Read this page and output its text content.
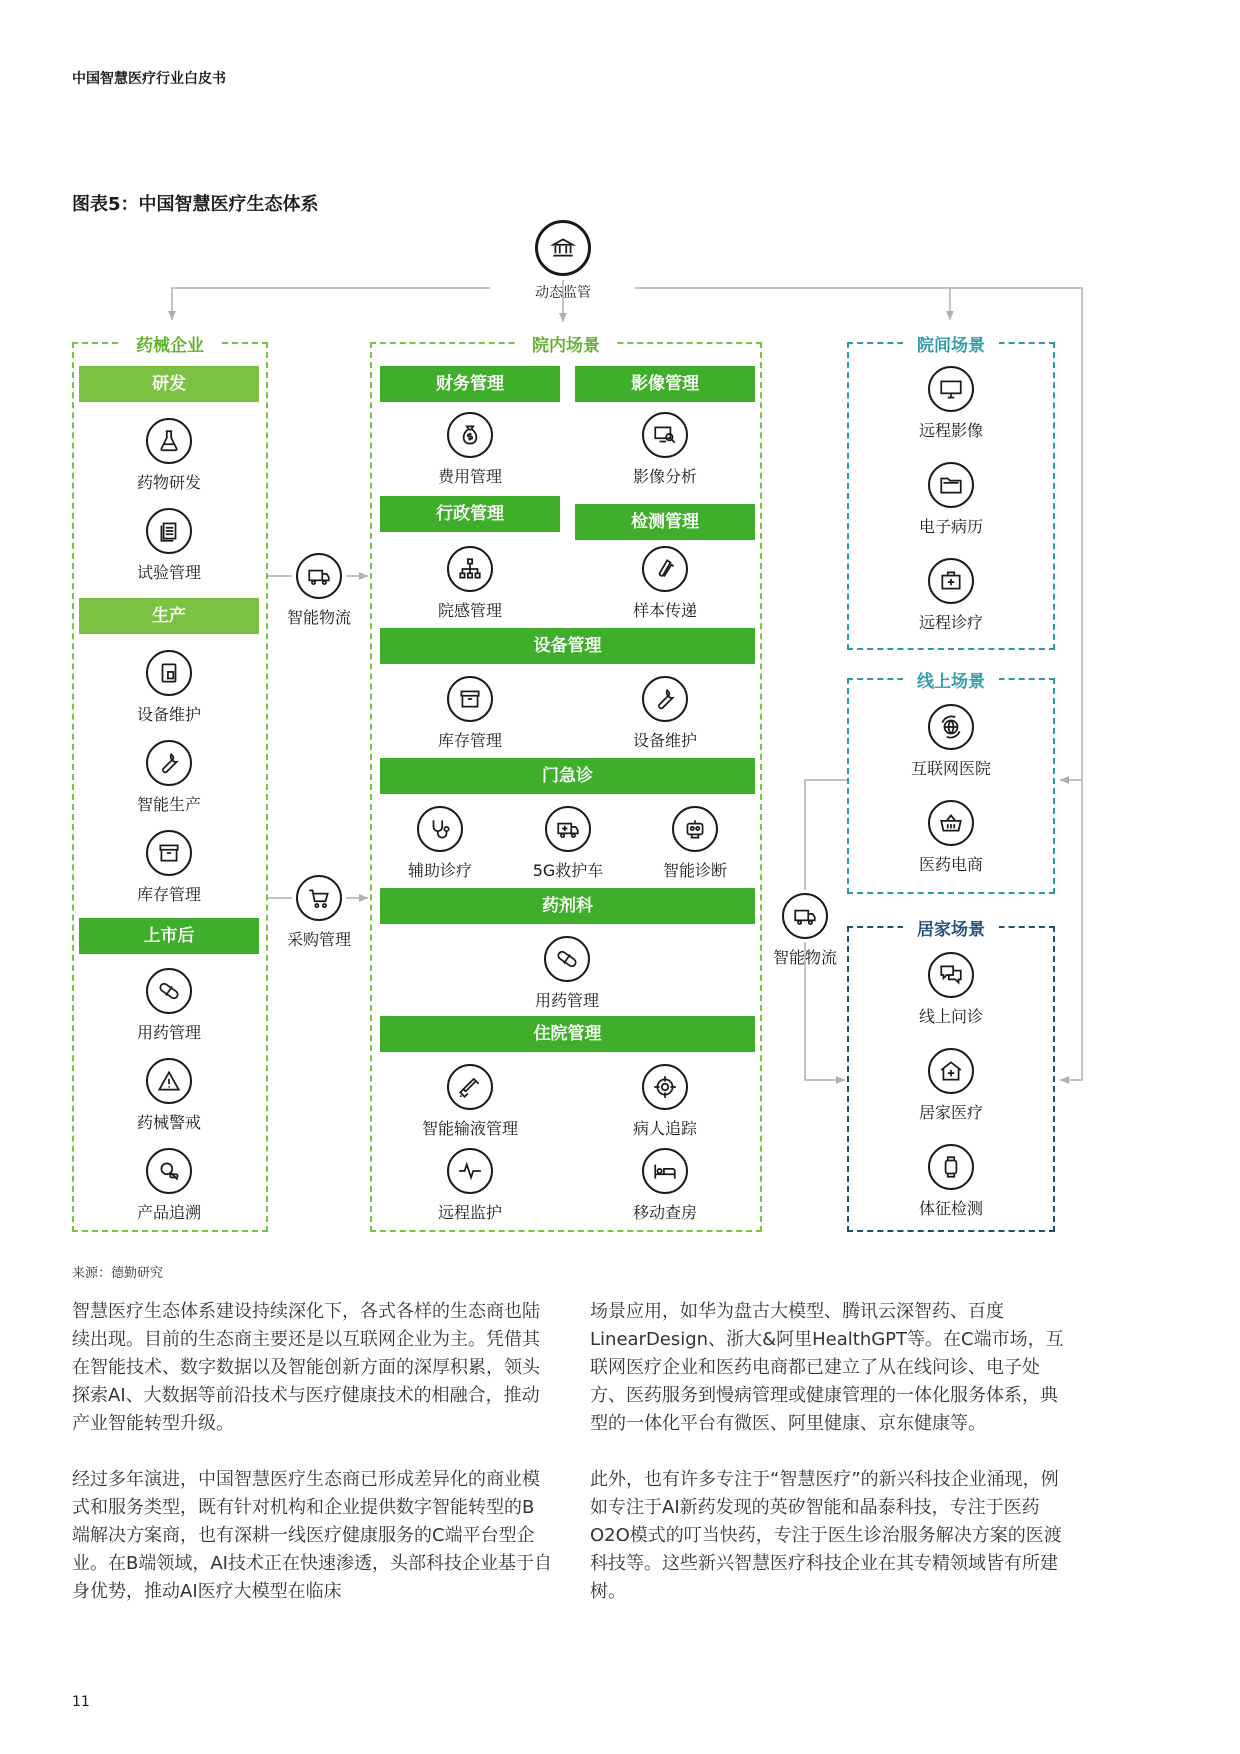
中国智慧医疗行业白皮书
图表5：中国智慧医疗生态体系
动态监管
药械企业
研发
药物研发
试验管理
生产
设备维护
智能生产
库存管理
上市后
用药管理
药械警戒
产品追溯
智能物流
采购管理
院内场景
财务管理	影像管理
费用管理	影像分析
行政管理	检测管理
院感管理	样本传递
设备管理
库存管理	设备维护
门急诊
辅助诊疗	5G救护车	智能诊断
药剂科
用药管理
住院管理
智能输液管理	病人追踪
远程监护	移动查房
智能物流
院间场景
远程影像
电子病历
远程诊疗
线上场景
互联网医院
医药电商
居家场景
线上问诊
居家医疗
体征检测
来源：德勤研究
智慧医疗生态体系建设持续深化下，各式各样的生态商也陆续出现。目前的生态商主要还是以互联网企业为主。凭借其在智能技术、数字数据以及智能创新方面的深厚积累，领头探索AI、大数据等前沿技术与医疗健康技术的相融合，推动产业智能转型升级。
经过多年演进，中国智慧医疗生态商已形成差异化的商业模式和服务类型，既有针对机构和企业提供数字智能转型的B端解决方案商，也有深耕一线医疗健康服务的C端平台型企业。在B端领域，AI技术正在快速渗透，头部科技企业基于自身优势，推动AI医疗大模型在临床
场景应用，如华为盘古大模型、腾讯云深智药、百度LinearDesign、浙大&阿里HealthGPT等。在C端市场，互联网医疗企业和医药电商都已建立了从在线问诊、电子处方、医药服务到慢病管理或健康管理的一体化服务体系，典型的一体化平台有微医、阿里健康、京东健康等。
此外，也有许多专注于“智慧医疗”的新兴科技企业涌现，例如专注于AI新药发现的英矽智能和晶泰科技，专注于医药O2O模式的叮当快药，专注于医生诊治服务解决方案的医渡科技等。这些新兴智慧医疗科技企业在其专精领域皆有所建树。
11
